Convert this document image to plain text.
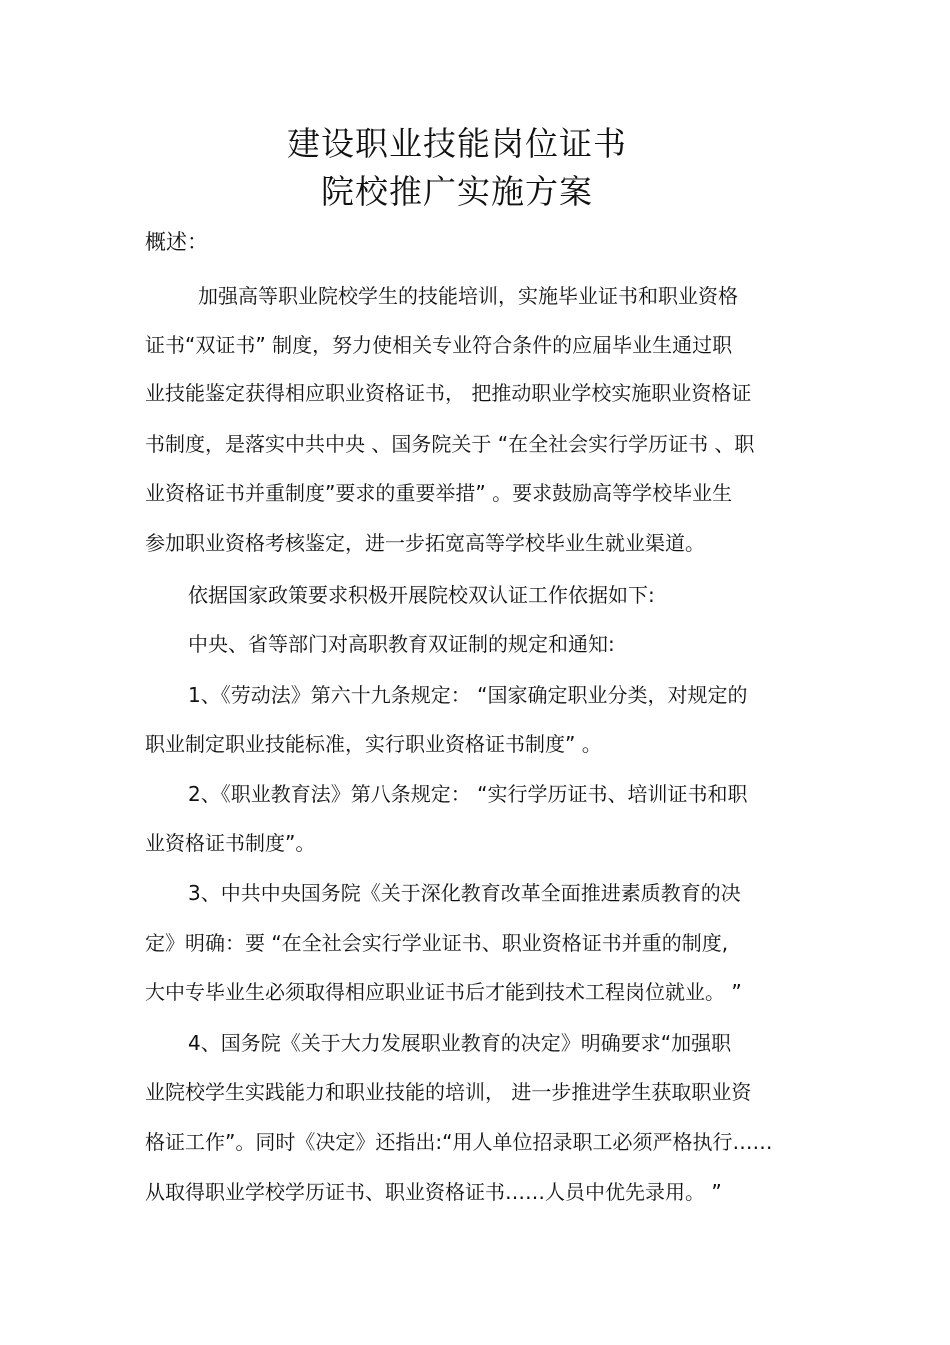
建设职业技能岗位证书
院校推广实施方案
概述：
加强高等职业院校学生的技能培训，实施毕业证书和职业资格
证书“双证书” 制度，努力使相关专业符合条件的应届毕业生通过职
业技能鉴定获得相应职业资格证书， 把推动职业学校实施职业资格证
书制度，是落实中共中央 、国务院关于 “在全社会实行学历证书 、职
业资格证书并重制度”要求的重要举措” 。要求鼓励高等学校毕业生
参加职业资格考核鉴定，进一步拓宽高等学校毕业生就业渠道。
依据国家政策要求积极开展院校双认证工作依据如下:
中央、省等部门对高职教育双证制的规定和通知:
1、《劳动法》第六十九条规定： “国家确定职业分类，对规定的
职业制定职业技能标准，实行职业资格证书制度” 。
2、《职业教育法》第八条规定： “实行学历证书、培训证书和职
业资格证书制度”。
3、中共中央国务院《关于深化教育改革全面推进素质教育的决
定》明确：要 “在全社会实行学业证书、职业资格证书并重的制度,
大中专毕业生必须取得相应职业证书后才能到技术工程岗位就业。 ”
4、国务院《关于大力发展职业教育的决定》明确要求“加强职
业院校学生实践能力和职业技能的培训， 进一步推进学生获取职业资
格证工作”。同时《决定》还指出:“用人单位招录职工必须严格执行……
从取得职业学校学历证书、职业资格证书……人员中优先录用。 ”
